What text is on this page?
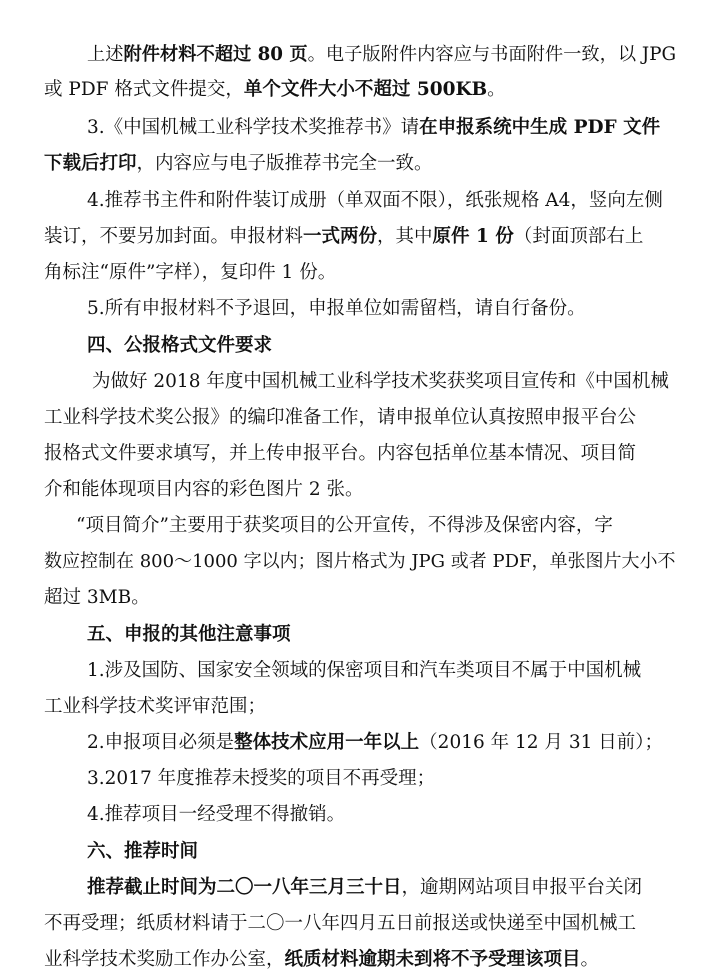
上述附件材料不超过 80 页。电子版附件内容应与书面附件一致，以 JPG
或 PDF 格式文件提交，单个文件大小不超过 500KB。
3.《中国机械工业科学技术奖推荐书》请在申报系统中生成 PDF 文件
下载后打印，内容应与电子版推荐书完全一致。
4.推荐书主件和附件装订成册（单双面不限），纸张规格 A4，竖向左侧
装订，不要另加封面。申报材料一式两份，其中原件 1 份（封面顶部右上
角标注“原件”字样），复印件 1 份。
5.所有申报材料不予退回，申报单位如需留档，请自行备份。
四、公报格式文件要求
为做好 2018 年度中国机械工业科学技术奖获奖项目宣传和《中国机械
工业科学技术奖公报》的编印准备工作，请申报单位认真按照申报平台公
报格式文件要求填写，并上传申报平台。内容包括单位基本情况、项目简
介和能体现项目内容的彩色图片 2 张。
“项目简介”主要用于获奖项目的公开宣传，不得涉及保密内容，字
数应控制在 800～1000 字以内；图片格式为 JPG 或者 PDF，单张图片大小不
超过 3MB。
五、申报的其他注意事项
1.涉及国防、国家安全领域的保密项目和汽车类项目不属于中国机械
工业科学技术奖评审范围；
2.申报项目必须是整体技术应用一年以上（2016 年 12 月 31 日前）；
3.2017 年度推荐未授奖的项目不再受理；
4.推荐项目一经受理不得撤销。
六、推荐时间
推荐截止时间为二〇一八年三月三十日，逾期网站项目申报平台关闭
不再受理；纸质材料请于二〇一八年四月五日前报送或快递至中国机械工
业科学技术奖励工作办公室，纸质材料逾期未到将不予受理该项目。
